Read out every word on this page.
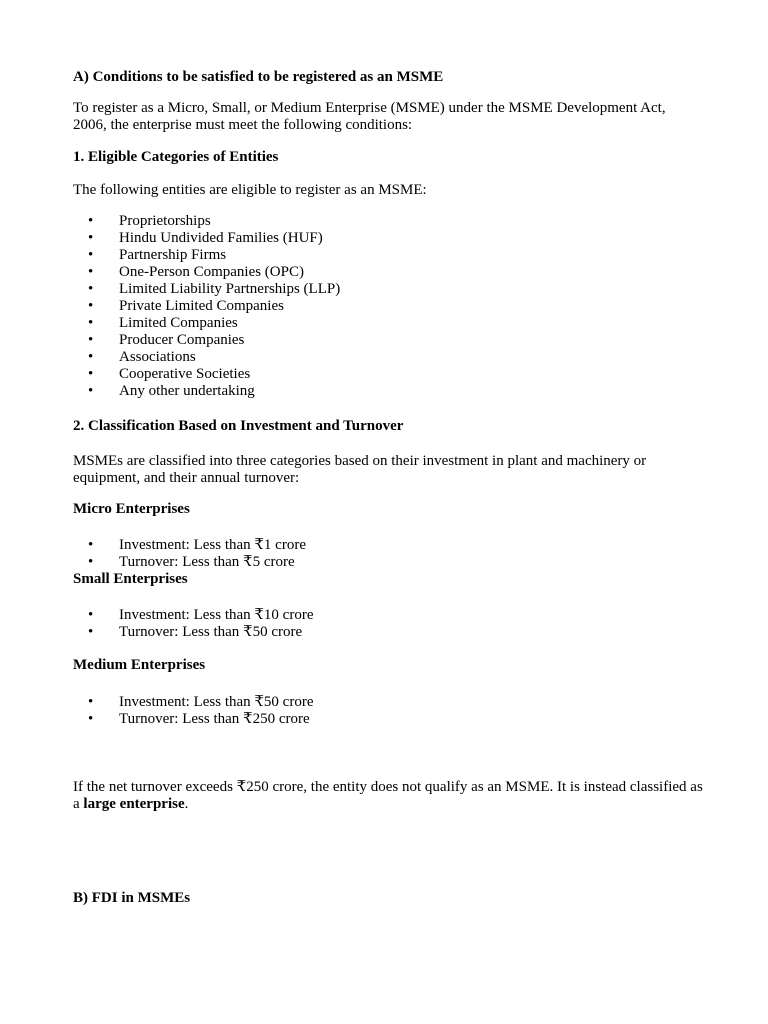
A) Conditions to be satisfied to be registered as an MSME
To register as a Micro, Small, or Medium Enterprise (MSME) under the MSME Development Act, 2006, the enterprise must meet the following conditions:
1. Eligible Categories of Entities
The following entities are eligible to register as an MSME:
• Proprietorships
• Hindu Undivided Families (HUF)
• Partnership Firms
• One-Person Companies (OPC)
• Limited Liability Partnerships (LLP)
• Private Limited Companies
• Limited Companies
• Producer Companies
• Associations
• Cooperative Societies
• Any other undertaking
2. Classification Based on Investment and Turnover
MSMEs are classified into three categories based on their investment in plant and machinery or equipment, and their annual turnover:
Micro Enterprises
• Investment: Less than ₹1 crore
• Turnover: Less than ₹5 crore
Small Enterprises
• Investment: Less than ₹10 crore
• Turnover: Less than ₹50 crore
Medium Enterprises
• Investment: Less than ₹50 crore
• Turnover: Less than ₹250 crore
If the net turnover exceeds ₹250 crore, the entity does not qualify as an MSME. It is instead classified as a large enterprise.
B) FDI in MSMEs
